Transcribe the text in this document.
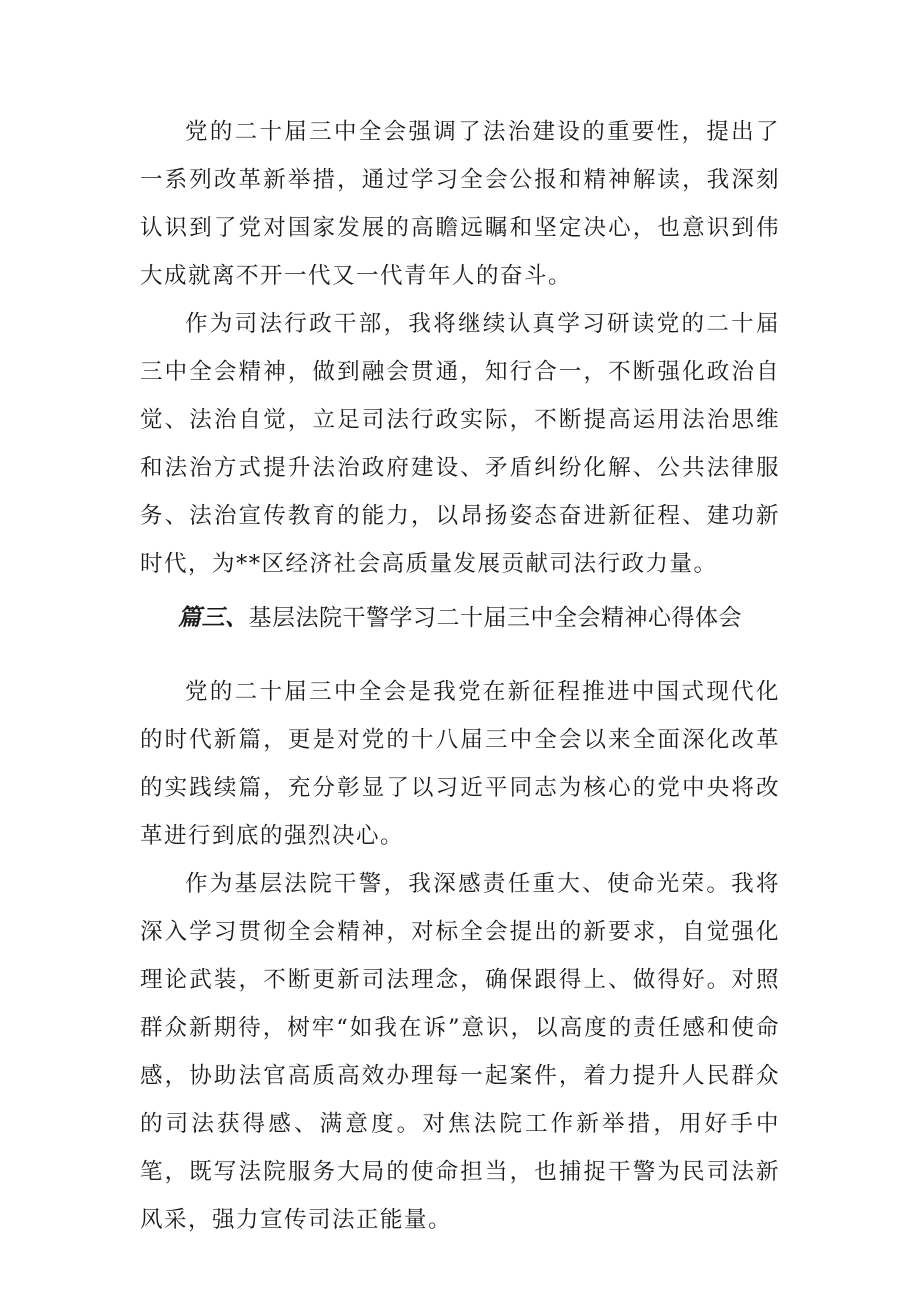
党的二十届三中全会强调了法治建设的重要性，提出了一系列改革新举措，通过学习全会公报和精神解读，我深刻认识到了党对国家发展的高瞻远瞩和坚定决心，也意识到伟大成就离不开一代又一代青年人的奋斗。

作为司法行政干部，我将继续认真学习研读党的二十届三中全会精神，做到融会贯通，知行合一，不断强化政治自觉、法治自觉，立足司法行政实际，不断提高运用法治思维和法治方式提升法治政府建设、矛盾纠纷化解、公共法律服务、法治宣传教育的能力，以昂扬姿态奋进新征程、建功新时代，为**区经济社会高质量发展贡献司法行政力量。

篇三、基层法院干警学习二十届三中全会精神心得体会

党的二十届三中全会是我党在新征程推进中国式现代化的时代新篇，更是对党的十八届三中全会以来全面深化改革的实践续篇，充分彰显了以习近平同志为核心的党中央将改革进行到底的强烈决心。

作为基层法院干警，我深感责任重大、使命光荣。我将深入学习贯彻全会精神，对标全会提出的新要求，自觉强化理论武装，不断更新司法理念，确保跟得上、做得好。对照群众新期待，树牢“如我在诉”意识，以高度的责任感和使命感，协助法官高质高效办理每一起案件，着力提升人民群众的司法获得感、满意度。对焦法院工作新举措，用好手中笔，既写法院服务大局的使命担当，也捕捉干警为民司法新风采，强力宣传司法正能量。
